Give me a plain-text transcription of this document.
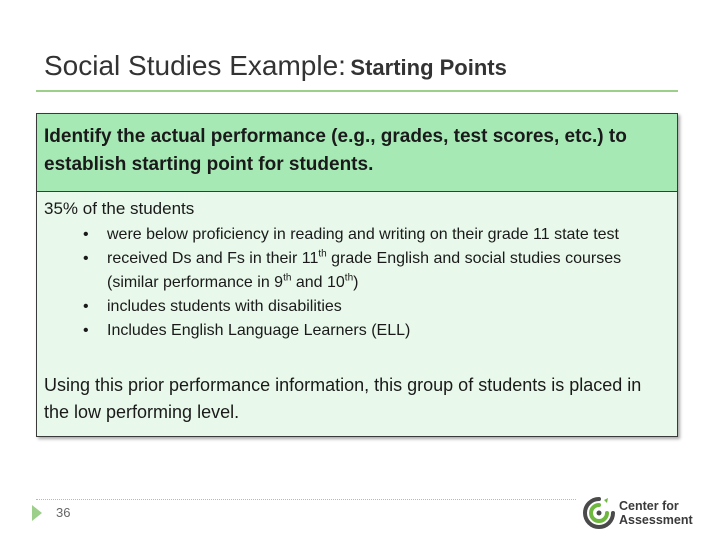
Social Studies Example: Starting Points
Identify the actual performance (e.g., grades, test scores, etc.) to establish starting point for students.
35% of the students
• were below proficiency in reading and writing on their grade 11 state test
• received Ds and Fs in their 11th grade English and social studies courses (similar performance in 9th and 10th)
• includes students with disabilities
• Includes English Language Learners (ELL)
Using this prior performance information, this group of students is placed in the low performing level.
36	Center for
Assessment
